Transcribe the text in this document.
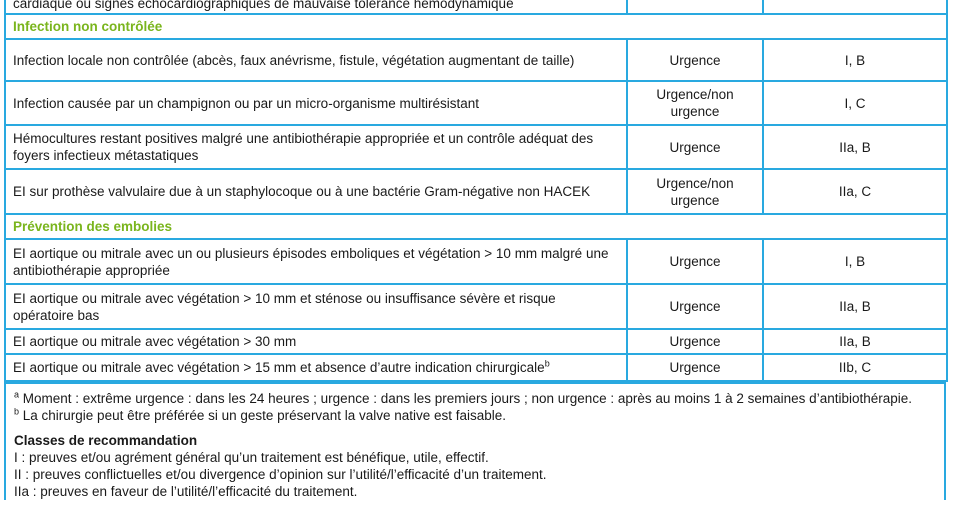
cardiaque ou signes échocardiographiques de mauvaise tolérance hémodynamique		
Infection non contrôlée		
Infection locale non contrôlée (abcès, faux anévrisme, fistule, végétation augmentant de taille)	Urgence	I, B
Infection causée par un champignon ou par un micro-organisme multirésistant	Urgence/non urgence	I, C
Hémocultures restant positives malgré une antibiothérapie appropriée et un contrôle adéquat des foyers infectieux métastatiques	Urgence	IIa, B
EI sur prothèse valvulaire due à un staphylocoque ou à une bactérie Gram-négative non HACEK	Urgence/non urgence	IIa, C
Prévention des embolies		
EI aortique ou mitrale avec un ou plusieurs épisodes emboliques et végétation > 10 mm malgré une antibiothérapie appropriée	Urgence	I, B
EI aortique ou mitrale avec végétation > 10 mm et sténose ou insuffisance sévère et risque opératoire bas	Urgence	IIa, B
EI aortique ou mitrale avec végétation > 30 mm	Urgence	IIa, B
EI aortique ou mitrale avec végétation > 15 mm et absence d’autre indication chirurgicale$^b$	Urgence	IIb, C

$^a$ Moment : extrême urgence : dans les 24 heures ; urgence : dans les premiers jours ; non urgence : après au moins 1 à 2 semaines d’antibiothérapie.

$^b$ La chirurgie peut être préférée si un geste préservant la valve native est faisable.

Classes de recommandation

I : preuves et/ou agrément général qu’un traitement est bénéfique, utile, effectif.

II : preuves conflictuelles et/ou divergence d’opinion sur l’utilité/l’efficacité d’un traitement.

IIa : preuves en faveur de l’utilité/l’efficacité du traitement.
